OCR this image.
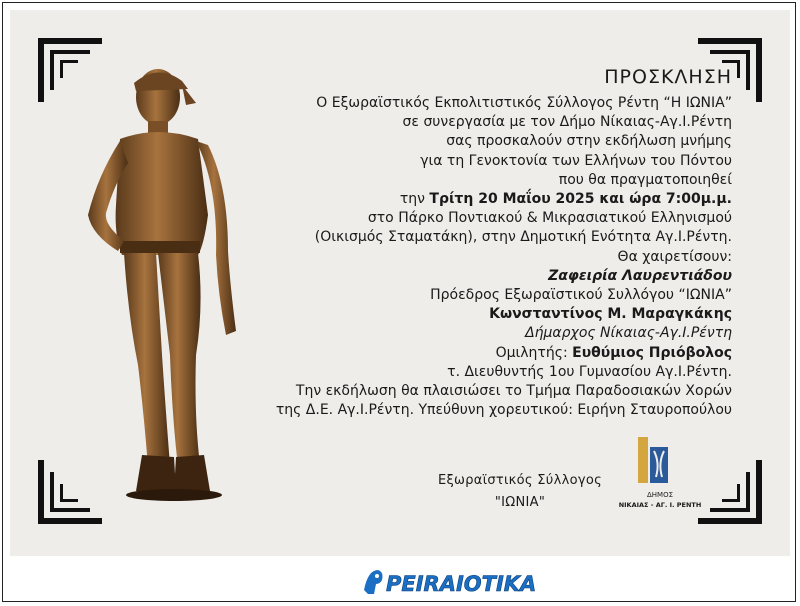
ΠΡΟΣΚΛΗΣΗ
Ο Εξωραϊστικός Εκπολιτιστικός Σύλλογος Ρέντη “Η ΙΩΝΙΑ”
σε συνεργασία με τον Δήμο Νίκαιας-Αγ.Ι.Ρέντη
σας προσκαλούν στην εκδήλωση μνήμης
για τη Γενοκτονία των Ελλήνων του Πόντου
που θα πραγματοποιηθεί
την Τρίτη 20 Μαΐου 2025 και ώρα 7:00μ.μ.
στο Πάρκο Ποντιακού & Μικρασιατικού Ελληνισμού
(Οικισμός Σταματάκη), στην Δημοτική Ενότητα Αγ.Ι.Ρέντη.
Θα χαιρετίσουν:
Ζαφειρία Λαυρεντιάδου
Πρόεδρος Εξωραϊστικού Συλλόγου “ΙΩΝΙΑ”
Κωνσταντίνος Μ. Μαραγκάκης
Δήμαρχος Νίκαιας-Αγ.Ι.Ρέντη
Ομιλητής: Ευθύμιος Πριόβολος
τ. Διευθυντής 1ου Γυμνασίου Αγ.Ι.Ρέντη.
Την εκδήλωση θα πλαισιώσει το Τμήμα Παραδοσιακών Χορών
της Δ.Ε. Αγ.Ι.Ρέντη. Υπεύθυνη χορευτικού: Ειρήνη Σταυροπούλου
Εξωραϊστικός Σύλλογος
"ΙΩΝΙΑ"	ΔΗΜΟΣ
ΝΙΚΑΙΑΣ - ΑΓ. Ι. ΡΕΝΤΗ
PEIRAIOTIKA
